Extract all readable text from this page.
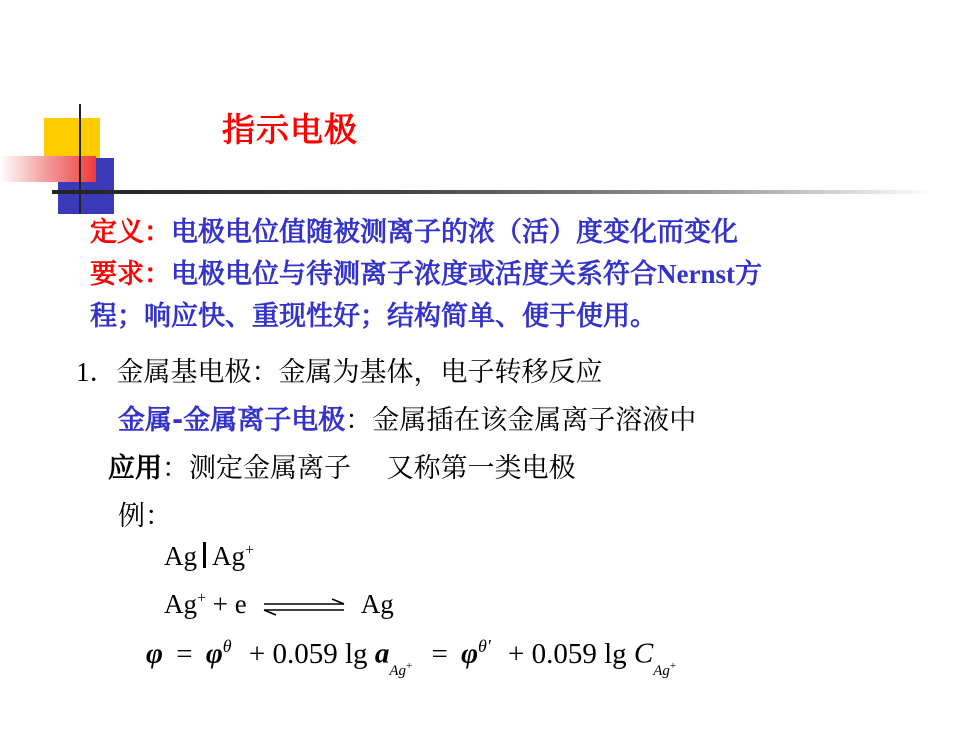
指示电极
定义：电极电位值随被测离子的浓（活）度变化而变化
要求：电极电位与待测离子浓度或活度关系符合Nernst方
程；响应快、重现性好；结构简单、便于使用。
1．金属基电极：金属为基体，电子转移反应
金属-金属离子电极：金属插在该金属离子溶液中
应用：测定金属离子　 又称第一类电极
例：
Ag Ag+
Ag+ + e ⇌ Ag
$\varphi = \varphi^\theta + 0.059$ $\lg a_{Ag^+} = \varphi^{\theta'} + 0.059$ $\lg C_{Ag^+}$
